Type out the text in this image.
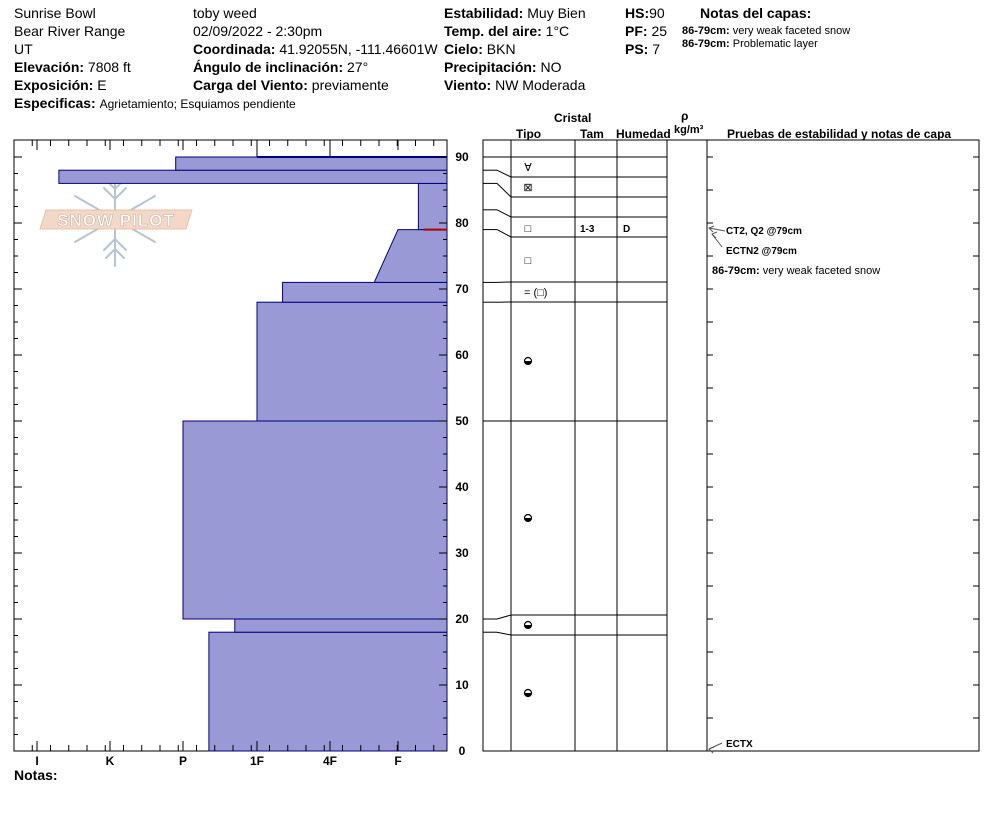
Sunrise Bowl
Bear River Range
UT
Elevación: 7808 ft
Exposición: E
Especificas: Agrietamiento; Esquiamos pendiente
toby weed
02/09/2022 - 2:30pm
Coordinada: 41.92055N, -111.46601W
Ángulo de inclinación: 27°
Carga del Viento: previamente
Estabilidad: Muy Bien
Temp. del aire: 1°C
Cielo: BKN
Precipitación: NO
Viento: NW Moderada
HS:90
PF: 25
PS: 7
Notas del capas:
86-79cm: very weak faceted snow
86-79cm: Problematic layer
Cristal
Tipo	Tam Humedad
ρ
kg/m³ Pruebas de estabilidad y notas de capa
Notas:
SNOW PILOT
I	K	P	1F	4F	F
0
10
20
30
40
50
60
70
80
90
∀
⊠
□	1-3	D
□
= (□)
CT2, Q2 @79cm
ECTN2 @79cm
ECTX
86-79cm: very weak faceted snow
